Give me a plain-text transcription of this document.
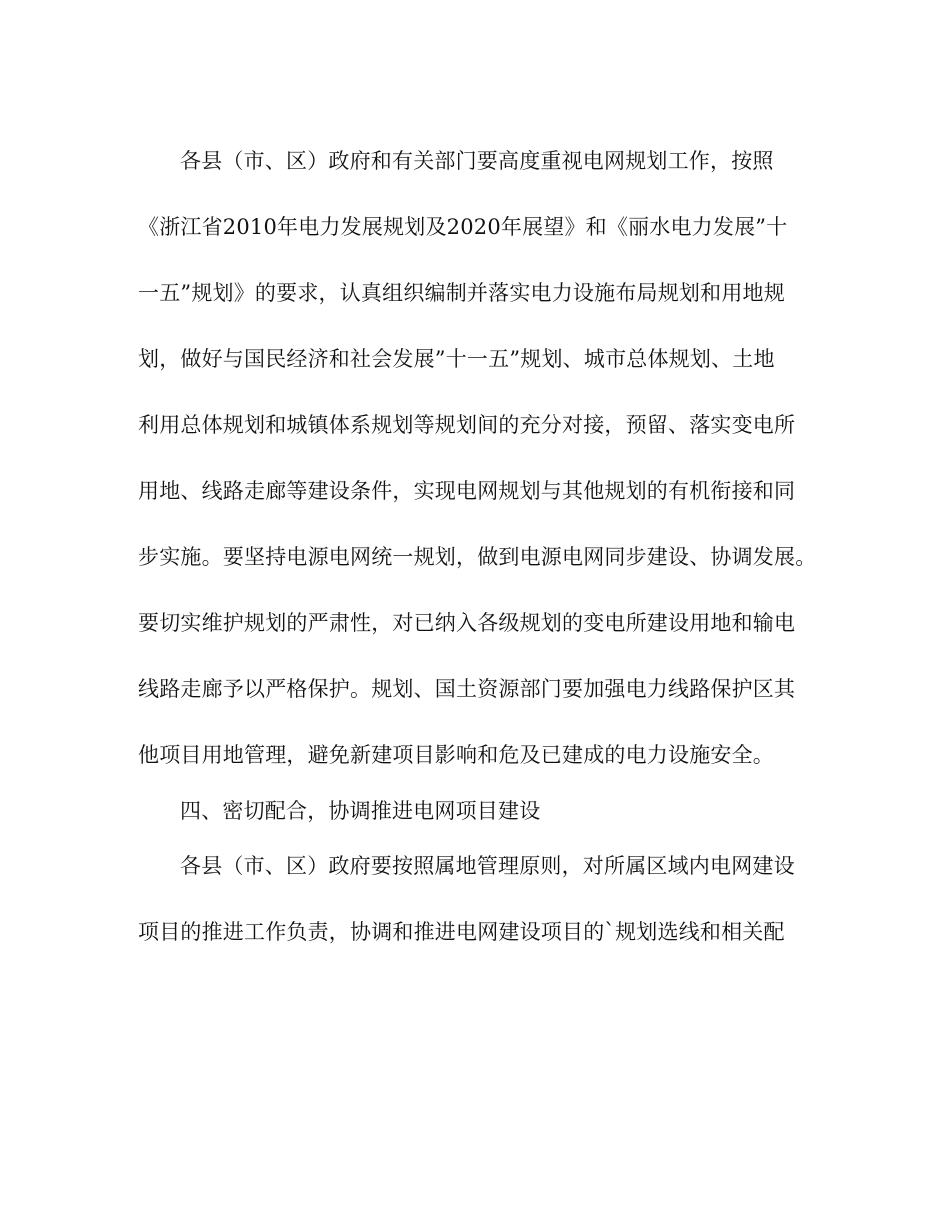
各县（市、区）政府和有关部门要高度重视电网规划工作，按照
《浙江省2010年电力发展规划及2020年展望》和《丽水电力发展”十
一五”规划》的要求，认真组织编制并落实电力设施布局规划和用地规
划，做好与国民经济和社会发展”十一五”规划、城市总体规划、土地
利用总体规划和城镇体系规划等规划间的充分对接，预留、落实变电所
用地、线路走廊等建设条件，实现电网规划与其他规划的有机衔接和同
步实施。要坚持电源电网统一规划，做到电源电网同步建设、协调发展。
要切实维护规划的严肃性，对已纳入各级规划的变电所建设用地和输电
线路走廊予以严格保护。规划、国土资源部门要加强电力线路保护区其
他项目用地管理，避免新建项目影响和危及已建成的电力设施安全。
四、密切配合，协调推进电网项目建设
各县（市、区）政府要按照属地管理原则，对所属区域内电网建设
项目的推进工作负责，协调和推进电网建设项目的`规划选线和相关配
